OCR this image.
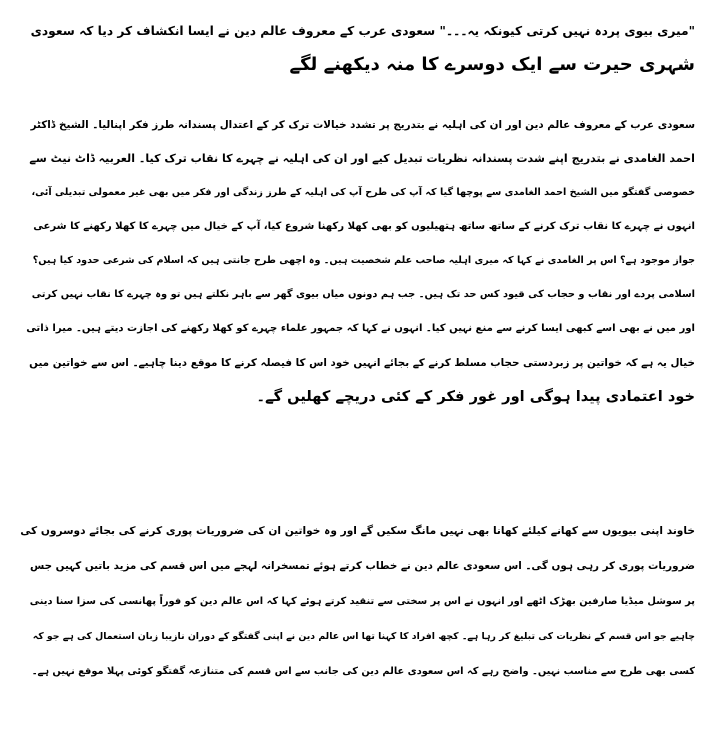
"میری بیوی پردہ نہیں کرتی کیونکہ یہ۔۔۔" سعودی عرب کے معروف عالم دین نے ایسا انکشاف کر دیا کہ سعودی
شہری حیرت سے ایک دوسرے کا منہ دیکھنے لگے
سعودی عرب کے معروف عالم دین اور ان کی اہلیہ نے بتدریج پر تشدد خیالات ترک کر کے اعتدال پسندانہ طرز فکر اپنالیا۔ الشیخ ڈاکٹر
احمد الغامدی نے بتدریج اپنے شدت پسندانہ نظریات تبدیل کیے اور ان کی اہلیہ نے چہرے کا نقاب ترک کیا۔ العربیہ ڈاٹ نیٹ سے
خصوصی گفتگو میں الشیخ احمد الغامدی سے پوچھا گیا کہ آپ کی طرح آپ کی اہلیہ کے طرز زندگی اور فکر میں بھی غیر معمولی تبدیلی آئی،
انہوں نے چہرے کا نقاب ترک کرنے کے ساتھ ساتھ ہتھیلیوں کو بھی کھلا رکھنا شروع کیا، آپ کے خیال میں چہرے کا کھلا رکھنے کا شرعی
جواز موجود ہے؟ اس پر الغامدی نے کہا کہ میری اہلیہ صاحب علم شخصیت ہیں۔ وہ اچھی طرح جانتی ہیں کہ اسلام کی شرعی حدود کیا ہیں؟
اسلامی پردے اور نقاب و حجاب کی قیود کس حد تک ہیں۔ جب ہم دونوں میاں بیوی گھر سے باہر نکلتے ہیں تو وہ چہرے کا نقاب نہیں کرتی
اور میں نے بھی اسے کبھی ایسا کرنے سے منع نہیں کیا۔ انہوں نے کہا کہ جمہور علماء چہرے کو کھلا رکھنے کی اجازت دیتے ہیں۔ میرا ذاتی
خیال یہ ہے کہ خواتین پر زبردستی حجاب مسلط کرنے کے بجائے انہیں خود اس کا فیصلہ کرنے کا موقع دینا چاہیے۔ اس سے خواتین میں
خود اعتمادی پیدا ہوگی اور غور فکر کے کئی دریچے کھلیں گے۔
خاوند اپنی بیویوں سے کھانے کیلئے کھانا بھی نہیں مانگ سکیں گے اور وہ خواتین ان کی ضروریات پوری کرنے کی بجائے دوسروں کی
ضروریات پوری کر رہی ہوں گی۔ اس سعودی عالم دین نے خطاب کرتے ہوئے تمسخرانہ لہجے میں اس قسم کی مزید باتیں کہیں جس
پر سوشل میڈیا صارفین بھڑک اٹھے اور انہوں نے اس پر سختی سے تنقید کرتے ہوئے کہا کہ اس عالم دین کو فوراً پھانسی کی سزا سنا دینی
چاہیے جو اس قسم کے نظریات کی تبلیغ کر رہا ہے۔ کچھ افراد کا کہنا تھا اس عالم دین نے اپنی گفتگو کے دوران نازیبا زبان استعمال کی ہے جو کہ
کسی بھی طرح سے مناسب نہیں۔ واضح رہے کہ اس سعودی عالم دین کی جانب سے اس قسم کی متنازعہ گفتگو کوئی پہلا موقع نہیں ہے۔
